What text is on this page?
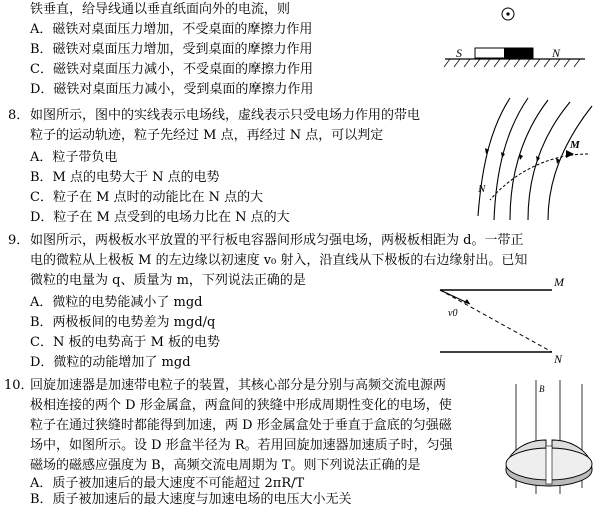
铁垂直，给导线通以垂直纸面向外的电流，则
A．磁铁对桌面压力增加，不受桌面的摩擦力作用
B．磁铁对桌面压力增加，受到桌面的摩擦力作用
C．磁铁对桌面压力减小，不受桌面的摩擦力作用
D．磁铁对桌面压力减小，受到桌面的摩擦力作用
S	N
8． 如图所示，图中的实线表示电场线，虚线表示只受电场力作用的带电
粒子的运动轨迹，粒子先经过 M 点，再经过 N 点，可以判定
A．粒子带负电
B．M 点的电势大于 N 点的电势
C．粒子在 M 点时的动能比在 N 点的大
D．粒子在 M 点受到的电场力比在 N 点的大
M
N
9． 如图所示，两极板水平放置的平行板电容器间形成匀强电场，两极板相距为 d。一带正
电的微粒从上极板 M 的左边缘以初速度 v₀ 射入，沿直线从下极板的右边缘射出。已知
微粒的电量为 q、质量为 m，下列说法正确的是
A．微粒的电势能减小了 mgd
B．两极板间的电势差为 mgd/q
C．N 板的电势高于 M 板的电势
D．微粒的动能增加了 mgd
M
N
v0
10．
回旋加速器是加速带电粒子的装置，其核心部分是分别与高频交流电源两
极相连接的两个 D 形金属盒，两盒间的狭缝中形成周期性变化的电场，使
粒子在通过狭缝时都能得到加速，两 D 形金属盒处于垂直于盒底的匀强磁
场中，如图所示。设 D 形盒半径为 R。若用回旋加速器加速质子时，匀强
磁场的磁感应强度为 B，高频交流电周期为 T。则下列说法正确的是
A．质子被加速后的最大速度不可能超过 2πR/T
B．质子被加速后的最大速度与加速电场的电压大小无关
B
